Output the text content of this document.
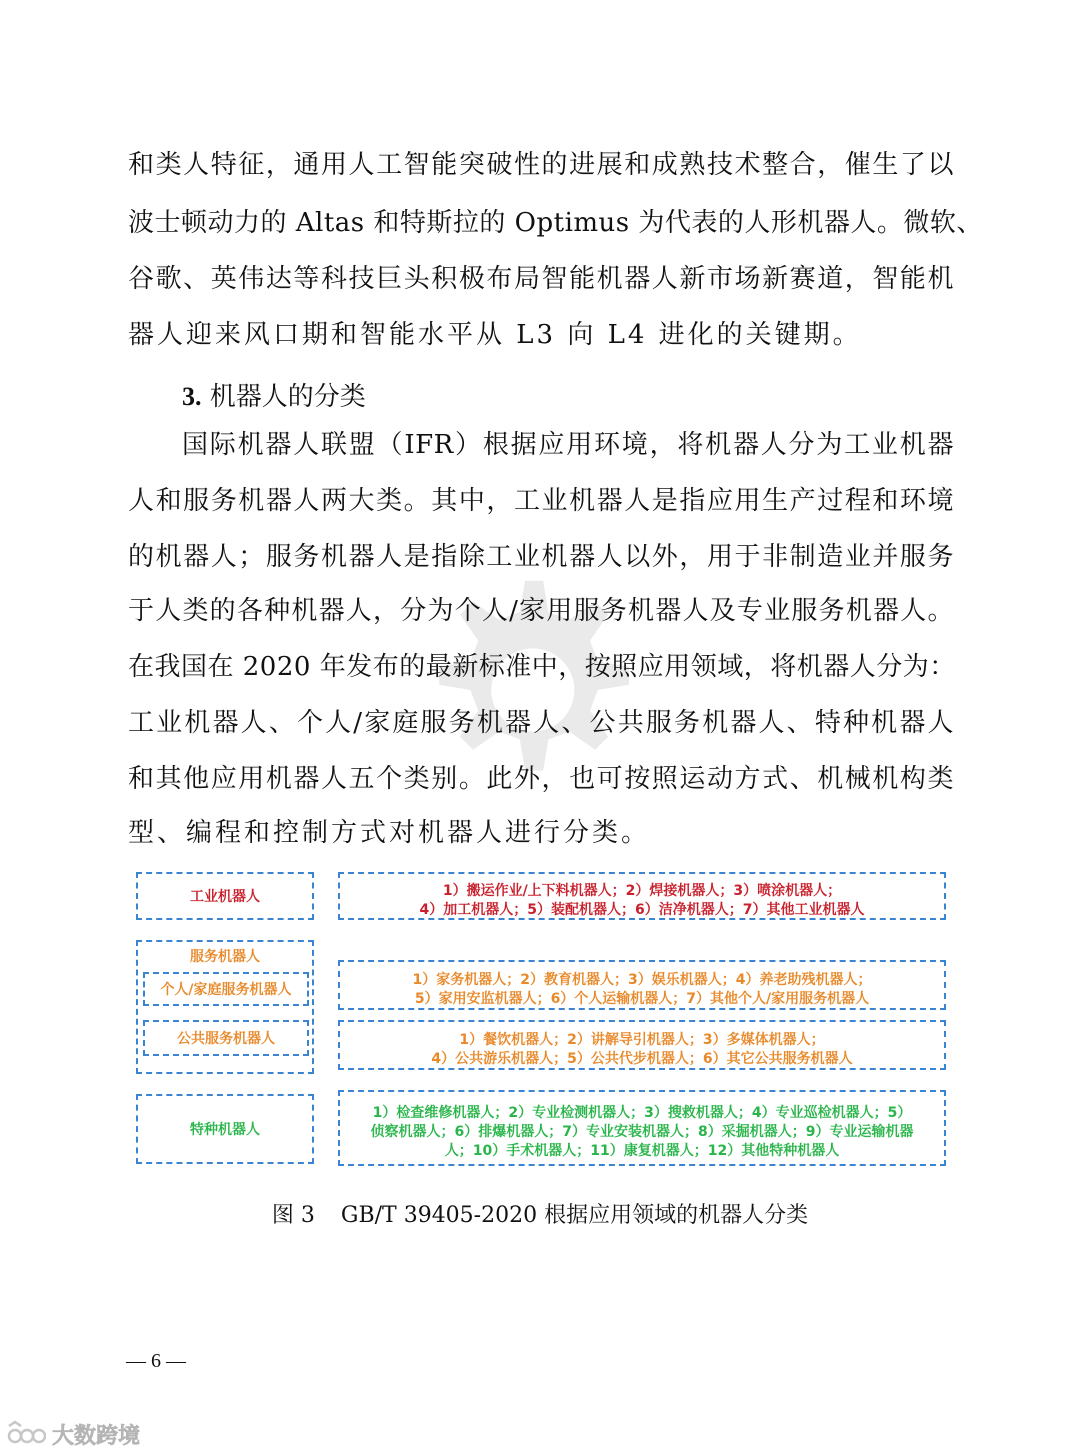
和类人特征，通用人工智能突破性的进展和成熟技术整合，催生了以
波士顿动力的 Altas 和特斯拉的 Optimus 为代表的人形机器人。微软、
谷歌、英伟达等科技巨头积极布局智能机器人新市场新赛道，智能机
器人迎来风口期和智能水平从 L3 向 L4 进化的关键期。
3. 机器人的分类
国际机器人联盟（IFR）根据应用环境，将机器人分为工业机器
人和服务机器人两大类。其中，工业机器人是指应用生产过程和环境
的机器人；服务机器人是指除工业机器人以外，用于非制造业并服务
于人类的各种机器人，分为个人/家用服务机器人及专业服务机器人。
在我国在 2020 年发布的最新标准中，按照应用领域，将机器人分为：
工业机器人、个人/家庭服务机器人、公共服务机器人、特种机器人
和其他应用机器人五个类别。此外，也可按照运动方式、机械机构类
型、编程和控制方式对机器人进行分类。
工业机器人	1）搬运作业/上下料机器人；2）焊接机器人；3）喷涂机器人；
4）加工机器人；5）装配机器人；6）洁净机器人；7）其他工业机器人
服务机器人
个人/家庭服务机器人
公共服务机器人
1）家务机器人；2）教育机器人；3）娱乐机器人；4）养老助残机器人；
5）家用安监机器人；6）个人运输机器人；7）其他个人/家用服务机器人
1）餐饮机器人；2）讲解导引机器人；3）多媒体机器人；
4）公共游乐机器人；5）公共代步机器人；6）其它公共服务机器人
特种机器人
1）检查维修机器人；2）专业检测机器人；3）搜救机器人；4）专业巡检机器人；5）
侦察机器人；6）排爆机器人；7）专业安装机器人；8）采掘机器人；9）专业运输机器
人；10）手术机器人；11）康复机器人；12）其他特种机器人
图 3 GB/T 39405-2020 根据应用领域的机器人分类
— 6 —
大数跨境
